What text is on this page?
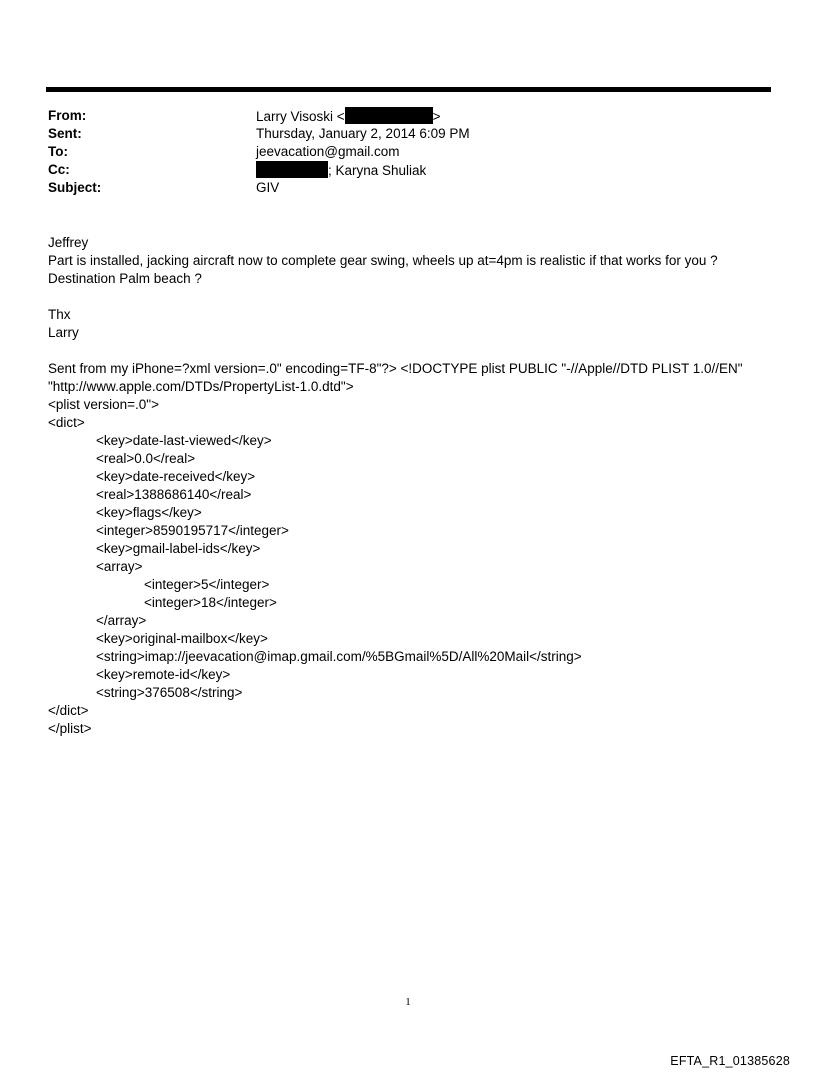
From:	Larry Visoski <	>
Sent:	Thursday, January 2, 2014 6:09 PM
To:	jeevacation@gmail.com
Cc:	; Karyna Shuliak
Subject:	GIV
Jeffrey
Part is installed, jacking aircraft now to complete gear swing, wheels up at=4pm is realistic if that works for you ?
Destination Palm beach ?
Thx
Larry
Sent from my iPhone=?xml version=.0" encoding=TF-8"?> <!DOCTYPE plist PUBLIC "-//Apple//DTD PLIST 1.0//EN"
"http://www.apple.com/DTDs/PropertyList-1.0.dtd">
<plist version=.0">
<dict>
<key>date-last-viewed</key>
<real>0.0</real>
<key>date-received</key>
<real>1388686140</real>
<key>flags</key>
<integer>8590195717</integer>
<key>gmail-label-ids</key>
<array>
<integer>5</integer>
<integer>18</integer>
</array>
<key>original-mailbox</key>
<string>imap://jeevacation@imap.gmail.com/%5BGmail%5D/All%20Mail</string>
<key>remote-id</key>
<string>376508</string>
</dict>
</plist>
1
EFTA_R1_01385628
